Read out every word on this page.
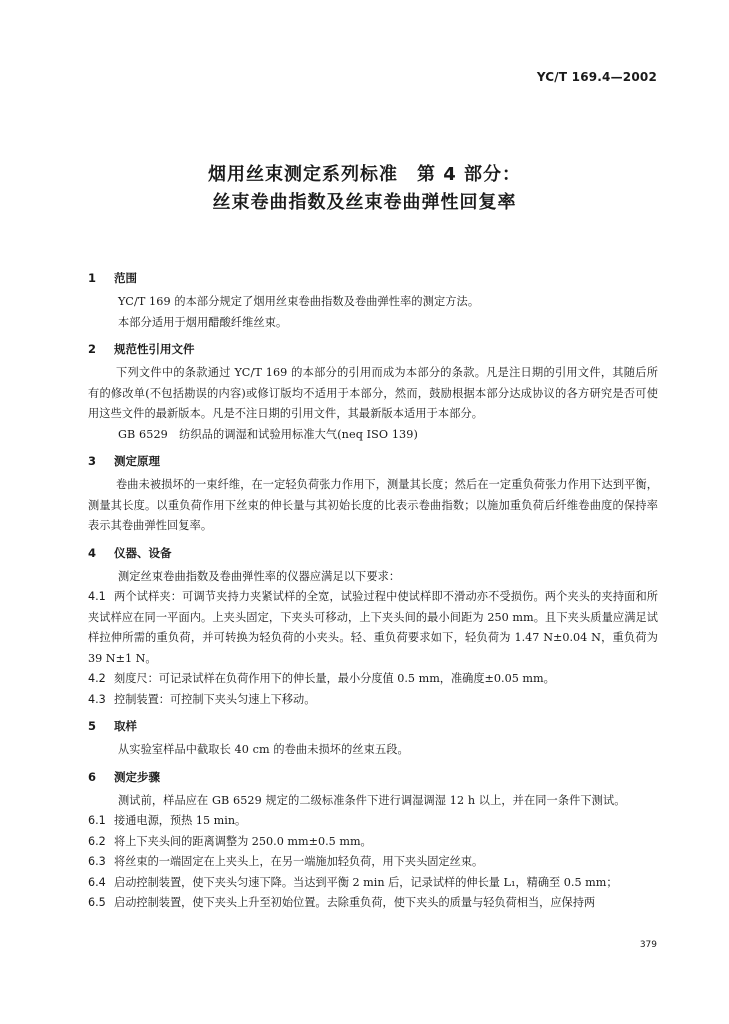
YC/T 169.4—2002
烟用丝束测定系列标准　第 4 部分：
丝束卷曲指数及丝束卷曲弹性回复率
1 范围

YC/T 169 的本部分规定了烟用丝束卷曲指数及卷曲弹性率的测定方法。

本部分适用于烟用醋酸纤维丝束。

2 规范性引用文件

下列文件中的条款通过 YC/T 169 的本部分的引用而成为本部分的条款。凡是注日期的引用文件，其随后所有的修改单(不包括勘误的内容)或修订版均不适用于本部分，然而，鼓励根据本部分达成协议的各方研究是否可使用这些文件的最新版本。凡是不注日期的引用文件，其最新版本适用于本部分。

GB 6529　纺织品的调湿和试验用标准大气(neq ISO 139)

3 测定原理

卷曲未被损坏的一束纤维，在一定轻负荷张力作用下，测量其长度；然后在一定重负荷张力作用下达到平衡，测量其长度。以重负荷作用下丝束的伸长量与其初始长度的比表示卷曲指数；以施加重负荷后纤维卷曲度的保持率表示其卷曲弹性回复率。

4 仪器、设备

测定丝束卷曲指数及卷曲弹性率的仪器应满足以下要求：

4.1 两个试样夹：可调节夹持力夹紧试样的全宽，试验过程中使试样即不滑动亦不受损伤。两个夹头的夹持面和所夹试样应在同一平面内。上夹头固定，下夹头可移动，上下夹头间的最小间距为 250 mm。且下夹头质量应满足试样拉伸所需的重负荷，并可转换为轻负荷的小夹头。轻、重负荷要求如下，轻负荷为 1.47 N±0.04 N，重负荷为 39 N±1 N。

4.2 刻度尺：可记录试样在负荷作用下的伸长量，最小分度值 0.5 mm，准确度±0.05 mm。

4.3 控制装置：可控制下夹头匀速上下移动。

5 取样

从实验室样品中截取长 40 cm 的卷曲未损坏的丝束五段。

6 测定步骤

测试前，样品应在 GB 6529 规定的二级标准条件下进行调湿调湿 12 h 以上，并在同一条件下测试。

6.1 接通电源，预热 15 min。

6.2 将上下夹头间的距离调整为 250.0 mm±0.5 mm。

6.3 将丝束的一端固定在上夹头上，在另一端施加轻负荷，用下夹头固定丝束。

6.4 启动控制装置，使下夹头匀速下降。当达到平衡 2 min 后，记录试样的伸长量 L₁，精确至 0.5 mm；

6.5 启动控制装置，使下夹头上升至初始位置。去除重负荷，使下夹头的质量与轻负荷相当，应保持两

379
